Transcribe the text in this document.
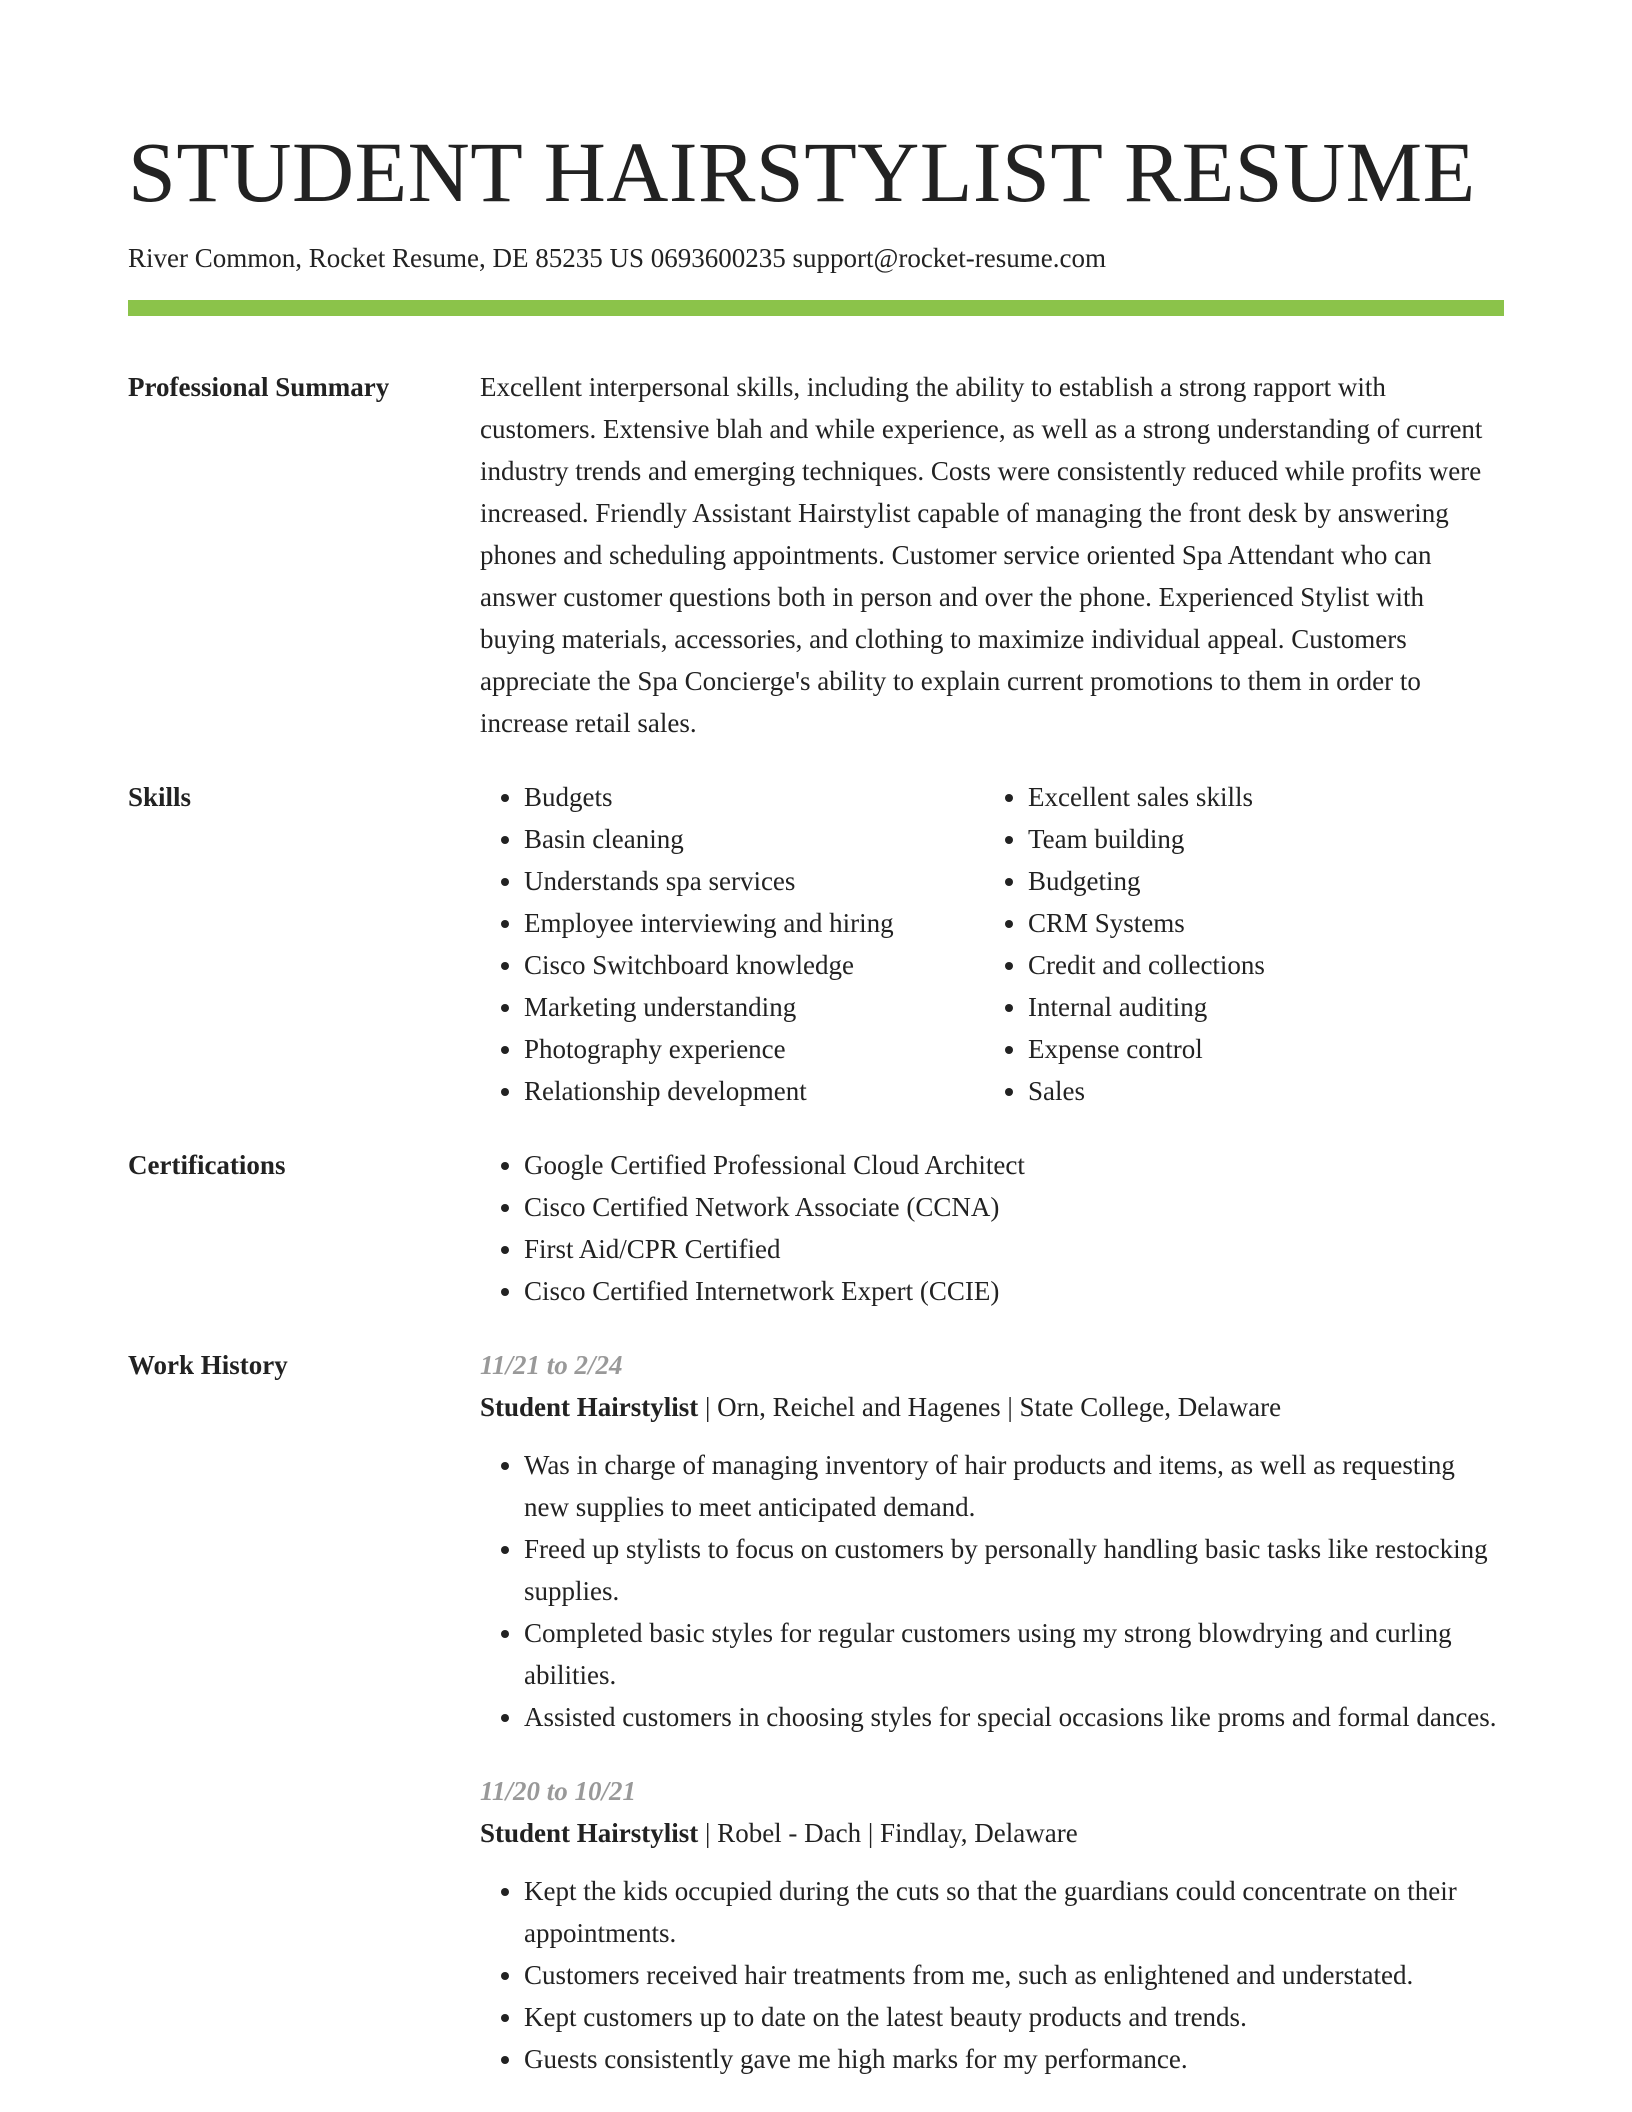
STUDENT HAIRSTYLIST RESUME
River Common, Rocket Resume, DE 85235 US 0693600235 support@rocket-resume.com
Professional Summary	Excellent interpersonal skills, including the ability to establish a strong rapport with customers. Extensive blah and while experience, as well as a strong understanding of current industry trends and emerging techniques. Costs were consistently reduced while profits were increased. Friendly Assistant Hairstylist capable of managing the front desk by answering phones and scheduling appointments. Customer service oriented Spa Attendant who can answer customer questions both in person and over the phone. Experienced Stylist with buying materials, accessories, and clothing to maximize individual appeal. Customers appreciate the Spa Concierge's ability to explain current promotions to them in order to increase retail sales.

Skills	• Budgets
• Basin cleaning
• Understands spa services
• Employee interviewing and hiring
• Cisco Switchboard knowledge
• Marketing understanding
• Photography experience
• Relationship development
• Excellent sales skills
• Team building
• Budgeting
• CRM Systems
• Credit and collections
• Internal auditing
• Expense control
• Sales
Certifications	• Google Certified Professional Cloud Architect
• Cisco Certified Network Associate (CCNA)
• First Aid/CPR Certified
• Cisco Certified Internetwork Expert (CCIE)
Work History	11/21 to 2/24
Student Hairstylist | Orn, Reichel and Hagenes | State College, Delaware
• Was in charge of managing inventory of hair products and items, as well as requesting new supplies to meet anticipated demand.
• Freed up stylists to focus on customers by personally handling basic tasks like restocking supplies.
• Completed basic styles for regular customers using my strong blowdrying and curling abilities.
• Assisted customers in choosing styles for special occasions like proms and formal dances.
11/20 to 10/21
Student Hairstylist | Robel - Dach | Findlay, Delaware
• Kept the kids occupied during the cuts so that the guardians could concentrate on their appointments.
• Customers received hair treatments from me, such as enlightened and understated.
• Kept customers up to date on the latest beauty products and trends.
• Guests consistently gave me high marks for my performance.
